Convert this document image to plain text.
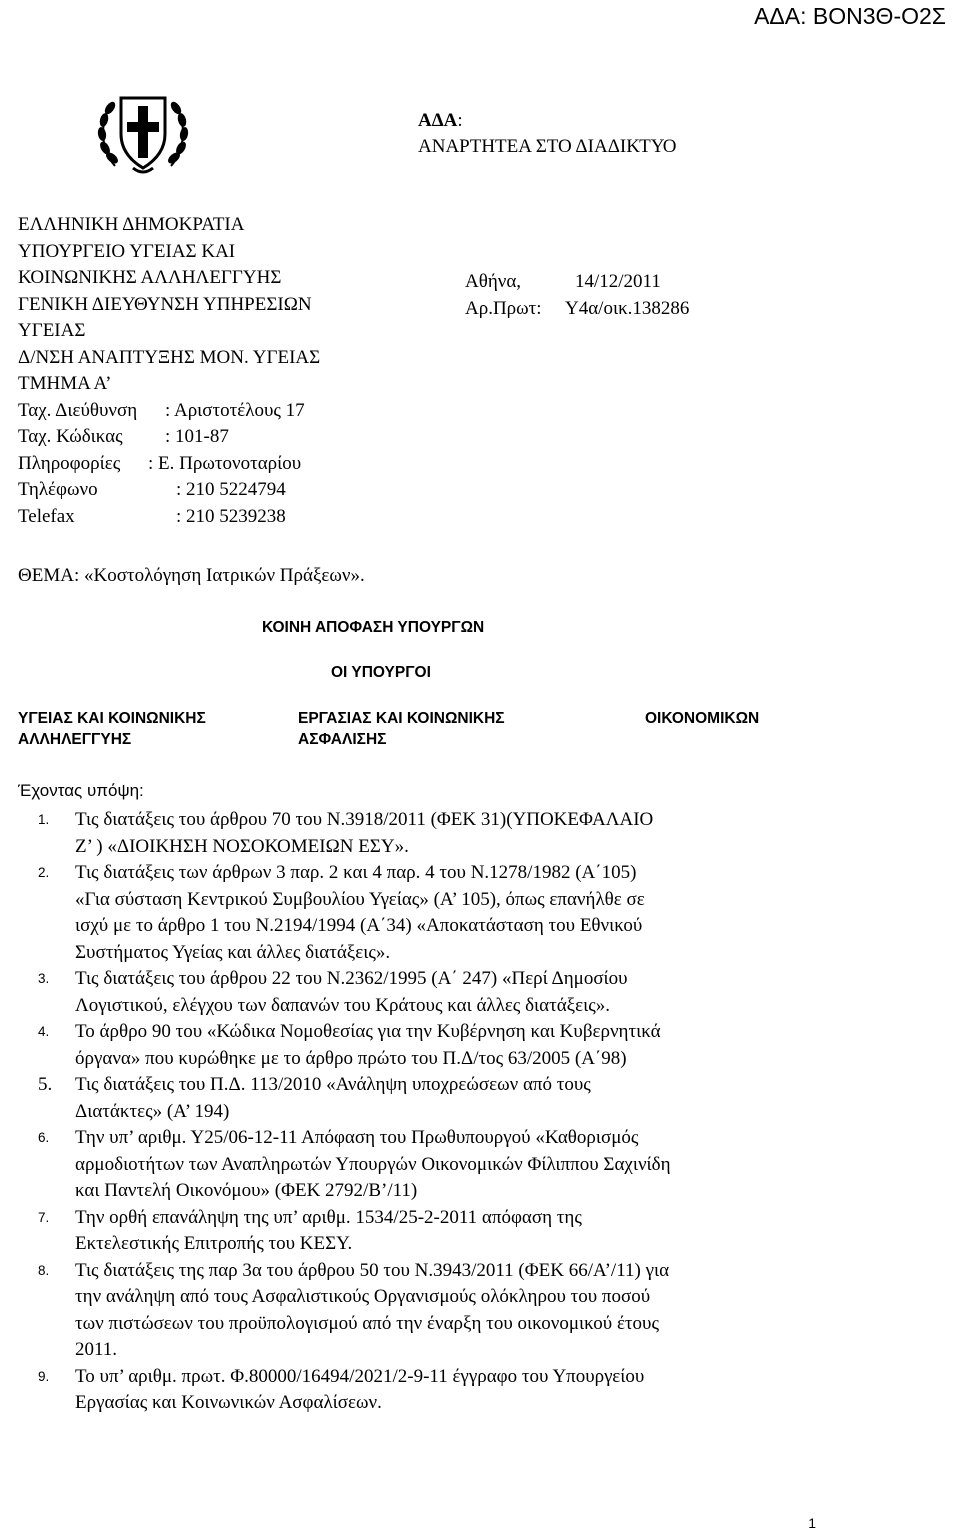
ΑΔΑ: ΒΟΝ3Θ-Ο2Σ
ΑΔΑ:
ΑΝΑΡΤΗΤΕΑ ΣΤΟ ΔΙΑΔΙΚΤΥΟ
ΕΛΛΗΝΙΚΗ ΔΗΜΟΚΡΑΤΙΑ
ΥΠΟΥΡΓΕΙΟ ΥΓΕΙΑΣ ΚΑΙ
ΚΟΙΝΩΝΙΚΗΣ ΑΛΛΗΛΕΓΓΥΗΣ
ΓΕΝΙΚΗ ΔΙΕΥΘΥΝΣΗ ΥΠΗΡΕΣΙΩΝ
ΥΓΕΙΑΣ
Δ/ΝΣΗ ΑΝΑΠΤΥΞΗΣ ΜΟΝ. ΥΓΕΙΑΣ
ΤΜΗΜΑ Α’
Ταχ. Διεύθυνση : Αριστοτέλους 17
Ταχ. Κώδικας : 101-87
Πληροφορίες : Ε. Πρωτονοταρίου
Τηλέφωνο	: 210 5224794
Telefax	: 210 5239238
Αθήνα,	14/12/2011
Αρ.Πρωτ: Υ4α/οικ.138286
ΘΕΜΑ: «Κοστολόγηση Ιατρικών Πράξεων».
ΚΟΙΝΗ ΑΠΟΦΑΣΗ ΥΠΟΥΡΓΩΝ
ΟΙ ΥΠΟΥΡΓΟΙ
ΥΓΕΙΑΣ ΚΑΙ ΚΟΙΝΩΝΙΚΗΣ
ΑΛΛΗΛΕΓΓΥΗΣ
ΕΡΓΑΣΙΑΣ ΚΑΙ ΚΟΙΝΩΝΙΚΗΣ
ΑΣΦΑΛΙΣΗΣ
ΟΙΚΟΝΟΜΙΚΩΝ
Έχοντας υπόψη:
1. Τις διατάξεις του άρθρου 70 του Ν.3918/2011 (ΦΕΚ 31)(ΥΠΟΚΕΦΑΛΑΙΟ
Ζ’ ) «ΔΙΟΙΚΗΣΗ ΝΟΣΟΚΟΜΕΙΩΝ ΕΣΥ».
2. Τις διατάξεις των άρθρων 3 παρ. 2 και 4 παρ. 4 του Ν.1278/1982 (Α΄105)
«Για σύσταση Κεντρικού Συμβουλίου Υγείας» (Α’ 105), όπως επανήλθε σε
ισχύ με το άρθρο 1 του Ν.2194/1994 (Α΄34) «Αποκατάσταση του Εθνικού
Συστήματος Υγείας και άλλες διατάξεις».
3. Τις διατάξεις του άρθρου 22 του Ν.2362/1995 (Α΄ 247) «Περί Δημοσίου
Λογιστικού, ελέγχου των δαπανών του Κράτους και άλλες διατάξεις».
4. Το άρθρο 90 του «Κώδικα Νομοθεσίας για την Κυβέρνηση και Κυβερνητικά
όργανα» που κυρώθηκε με το άρθρο πρώτο του Π.Δ/τος 63/2005 (Α΄98)
5. Τις διατάξεις του Π.Δ. 113/2010 «Ανάληψη υποχρεώσεων από τους
Διατάκτες» (Α’ 194)
6. Την υπ’ αριθμ. Υ25/06-12-11 Απόφαση του Πρωθυπουργού «Καθορισμός
αρμοδιοτήτων των Αναπληρωτών Υπουργών Οικονομικών Φίλιππου Σαχινίδη
και Παντελή Οικονόμου» (ΦΕΚ 2792/Β’/11)
7. Την ορθή επανάληψη της υπ’ αριθμ. 1534/25-2-2011 απόφαση της
Εκτελεστικής Επιτροπής του ΚΕΣΥ.
8. Τις διατάξεις της παρ 3α του άρθρου 50 του Ν.3943/2011 (ΦΕΚ 66/Α’/11) για
την ανάληψη από τους Ασφαλιστικούς Οργανισμούς ολόκληρου του ποσού
των πιστώσεων του προϋπολογισμού από την έναρξη του οικονομικού έτους
2011.
9. Το υπ’ αριθμ. πρωτ. Φ.80000/16494/2021/2-9-11 έγγραφο του Υπουργείου
Εργασίας και Κοινωνικών Ασφαλίσεων.
1
